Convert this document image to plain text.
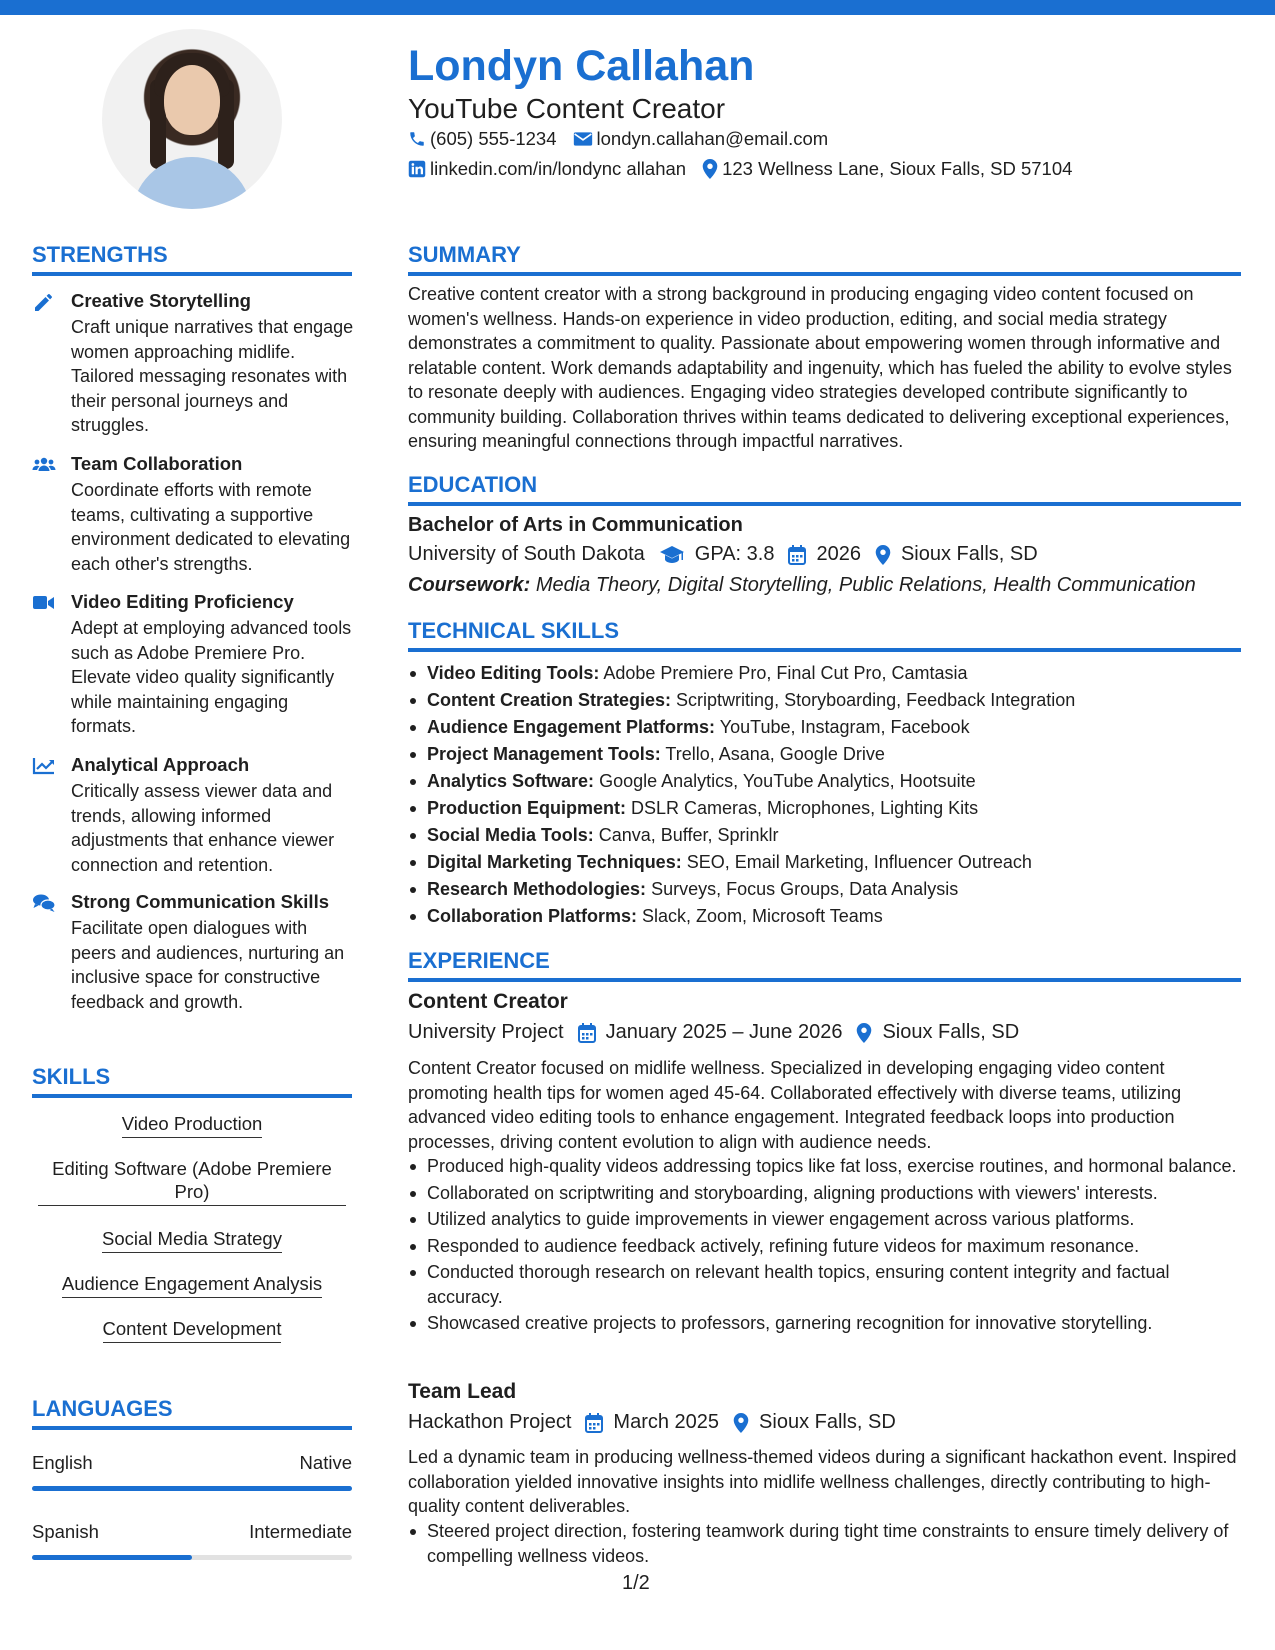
Londyn Callahan
YouTube Content Creator
(605) 555-1234 londyn.callahan@email.com
linkedin.com/in/londync allahan 123 Wellness Lane, Sioux Falls, SD 57104
STRENGTHS
Creative Storytelling
Craft unique narratives that engage women approaching midlife. Tailored messaging resonates with their personal journeys and struggles.
Team Collaboration
Coordinate efforts with remote teams, cultivating a supportive environment dedicated to elevating each other's strengths.
Video Editing Proficiency
Adept at employing advanced tools such as Adobe Premiere Pro. Elevate video quality significantly while maintaining engaging formats.
Analytical Approach
Critically assess viewer data and trends, allowing informed adjustments that enhance viewer connection and retention.
Strong Communication Skills
Facilitate open dialogues with peers and audiences, nurturing an inclusive space for constructive feedback and growth.
SKILLS
Video Production
Editing Software (Adobe Premiere Pro)
Social Media Strategy
Audience Engagement Analysis
Content Development
LANGUAGES
English	Native
Spanish	Intermediate
SUMMARY
Creative content creator with a strong background in producing engaging video content focused on women's wellness. Hands-on experience in video production, editing, and social media strategy demonstrates a commitment to quality. Passionate about empowering women through informative and relatable content. Work demands adaptability and ingenuity, which has fueled the ability to evolve styles to resonate deeply with audiences. Engaging video strategies developed contribute significantly to community building. Collaboration thrives within teams dedicated to delivering exceptional experiences, ensuring meaningful connections through impactful narratives.
EDUCATION
Bachelor of Arts in Communication
University of South Dakota	GPA: 3.8 2026 Sioux Falls, SD
Coursework: Media Theory, Digital Storytelling, Public Relations, Health Communication
TECHNICAL SKILLS
Video Editing Tools: Adobe Premiere Pro, Final Cut Pro, Camtasia
Content Creation Strategies: Scriptwriting, Storyboarding, Feedback Integration
Audience Engagement Platforms: YouTube, Instagram, Facebook
Project Management Tools: Trello, Asana, Google Drive
Analytics Software: Google Analytics, YouTube Analytics, Hootsuite
Production Equipment: DSLR Cameras, Microphones, Lighting Kits
Social Media Tools: Canva, Buffer, Sprinklr
Digital Marketing Techniques: SEO, Email Marketing, Influencer Outreach
Research Methodologies: Surveys, Focus Groups, Data Analysis
Collaboration Platforms: Slack, Zoom, Microsoft Teams
EXPERIENCE
Content Creator
University Project January 2025 – June 2026 Sioux Falls, SD
Content Creator focused on midlife wellness. Specialized in developing engaging video content promoting health tips for women aged 45-64. Collaborated effectively with diverse teams, utilizing advanced video editing tools to enhance engagement. Integrated feedback loops into production processes, driving content evolution to align with audience needs.
Produced high-quality videos addressing topics like fat loss, exercise routines, and hormonal balance.
Collaborated on scriptwriting and storyboarding, aligning productions with viewers' interests.
Utilized analytics to guide improvements in viewer engagement across various platforms.
Responded to audience feedback actively, refining future videos for maximum resonance.
Conducted thorough research on relevant health topics, ensuring content integrity and factual accuracy.
Showcased creative projects to professors, garnering recognition for innovative storytelling.
Team Lead
Hackathon Project March 2025 Sioux Falls, SD
Led a dynamic team in producing wellness-themed videos during a significant hackathon event. Inspired collaboration yielded innovative insights into midlife wellness challenges, directly contributing to high-quality content deliverables.
Steered project direction, fostering teamwork during tight time constraints to ensure timely delivery of compelling wellness videos.
1/2
